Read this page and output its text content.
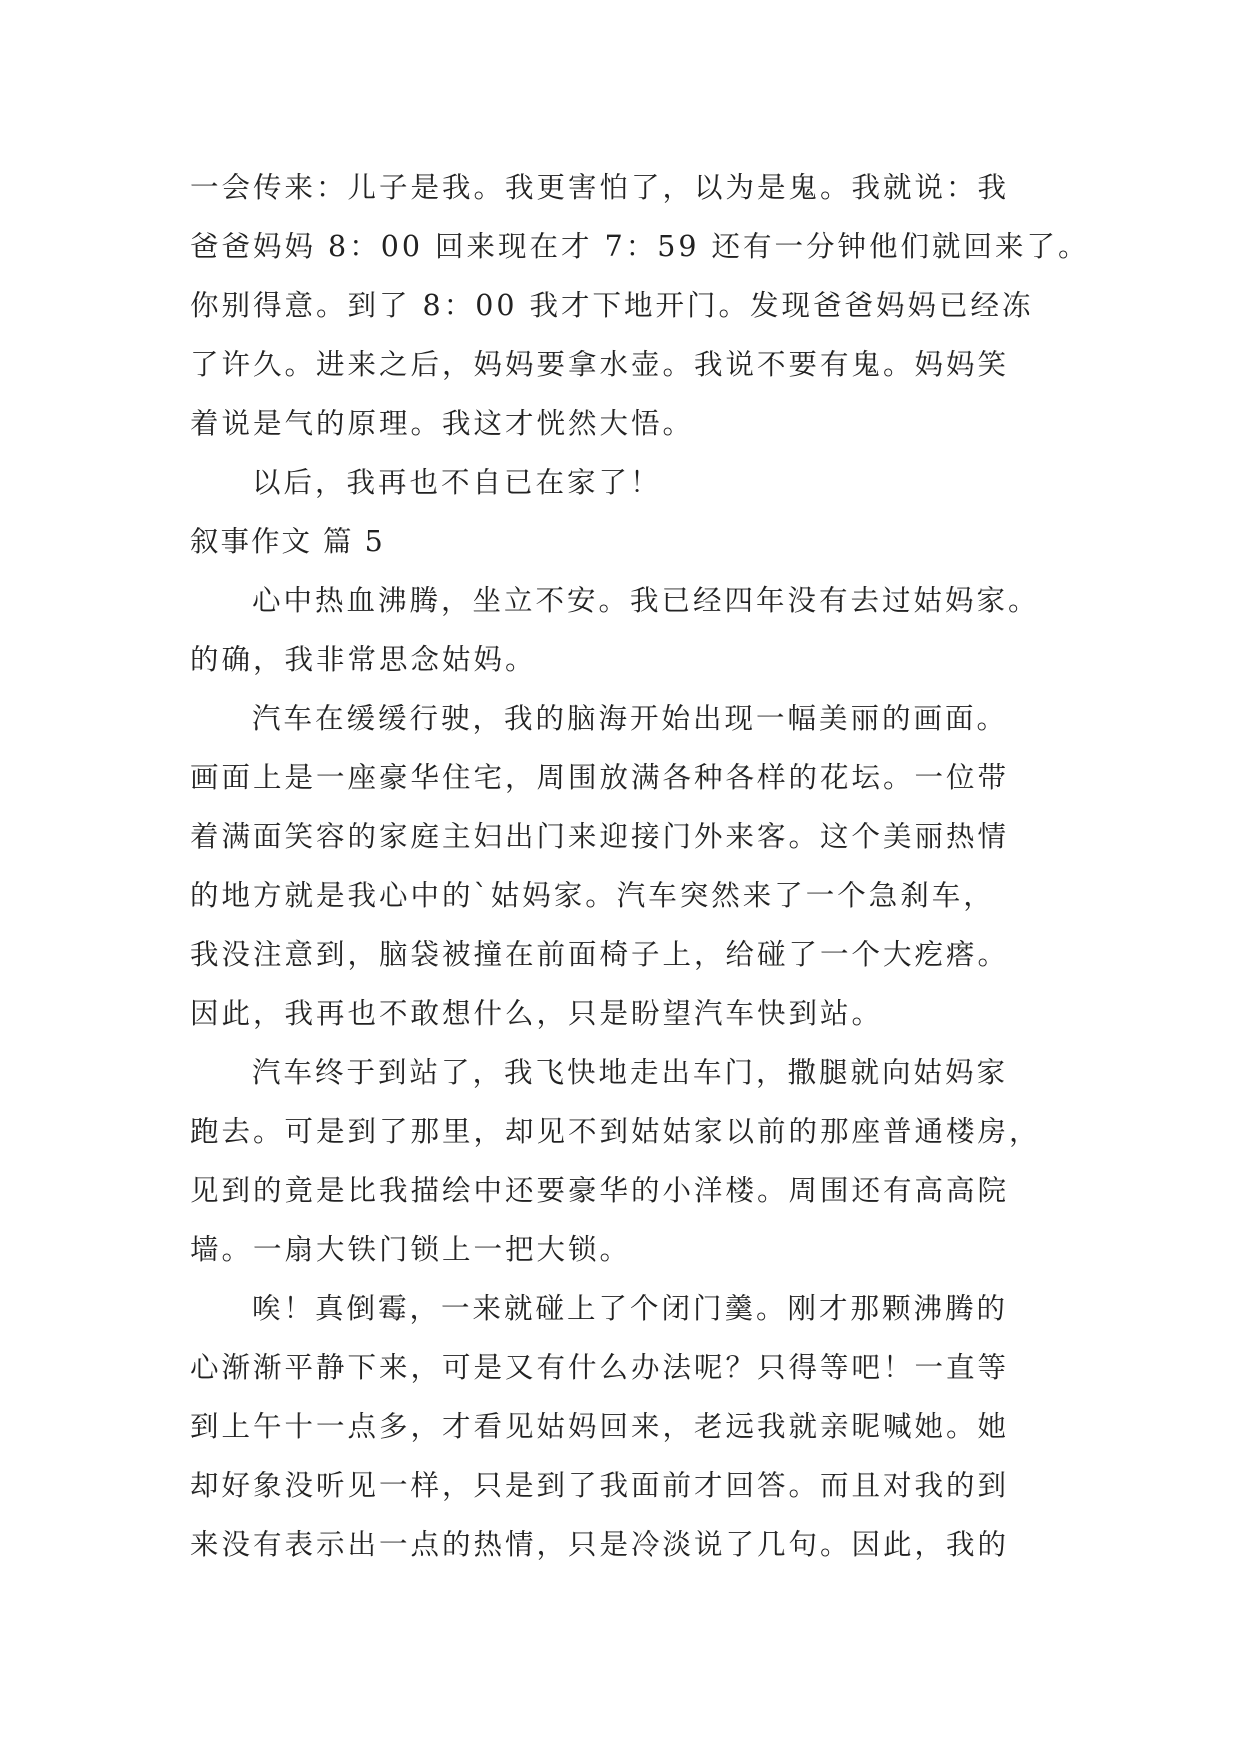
一会传来：儿子是我。我更害怕了，以为是鬼。我就说：我
爸爸妈妈 8：00 回来现在才 7：59 还有一分钟他们就回来了。
你别得意。到了 8：00 我才下地开门。发现爸爸妈妈已经冻
了许久。进来之后，妈妈要拿水壶。我说不要有鬼。妈妈笑
着说是气的原理。我这才恍然大悟。
以后，我再也不自已在家了！
叙事作文 篇 5
心中热血沸腾，坐立不安。我已经四年没有去过姑妈家。
的确，我非常思念姑妈。
汽车在缓缓行驶，我的脑海开始出现一幅美丽的画面。
画面上是一座豪华住宅，周围放满各种各样的花坛。一位带
着满面笑容的家庭主妇出门来迎接门外来客。这个美丽热情
的地方就是我心中的`姑妈家。汽车突然来了一个急刹车，
我没注意到，脑袋被撞在前面椅子上，给碰了一个大疙瘩。
因此，我再也不敢想什么，只是盼望汽车快到站。
汽车终于到站了，我飞快地走出车门，撒腿就向姑妈家
跑去。可是到了那里，却见不到姑姑家以前的那座普通楼房，
见到的竟是比我描绘中还要豪华的小洋楼。周围还有高高院
墙。一扇大铁门锁上一把大锁。
唉！真倒霉，一来就碰上了个闭门羹。刚才那颗沸腾的
心渐渐平静下来，可是又有什么办法呢？只得等吧！一直等
到上午十一点多，才看见姑妈回来，老远我就亲昵喊她。她
却好象没听见一样，只是到了我面前才回答。而且对我的到
来没有表示出一点的热情，只是冷淡说了几句。因此，我的
